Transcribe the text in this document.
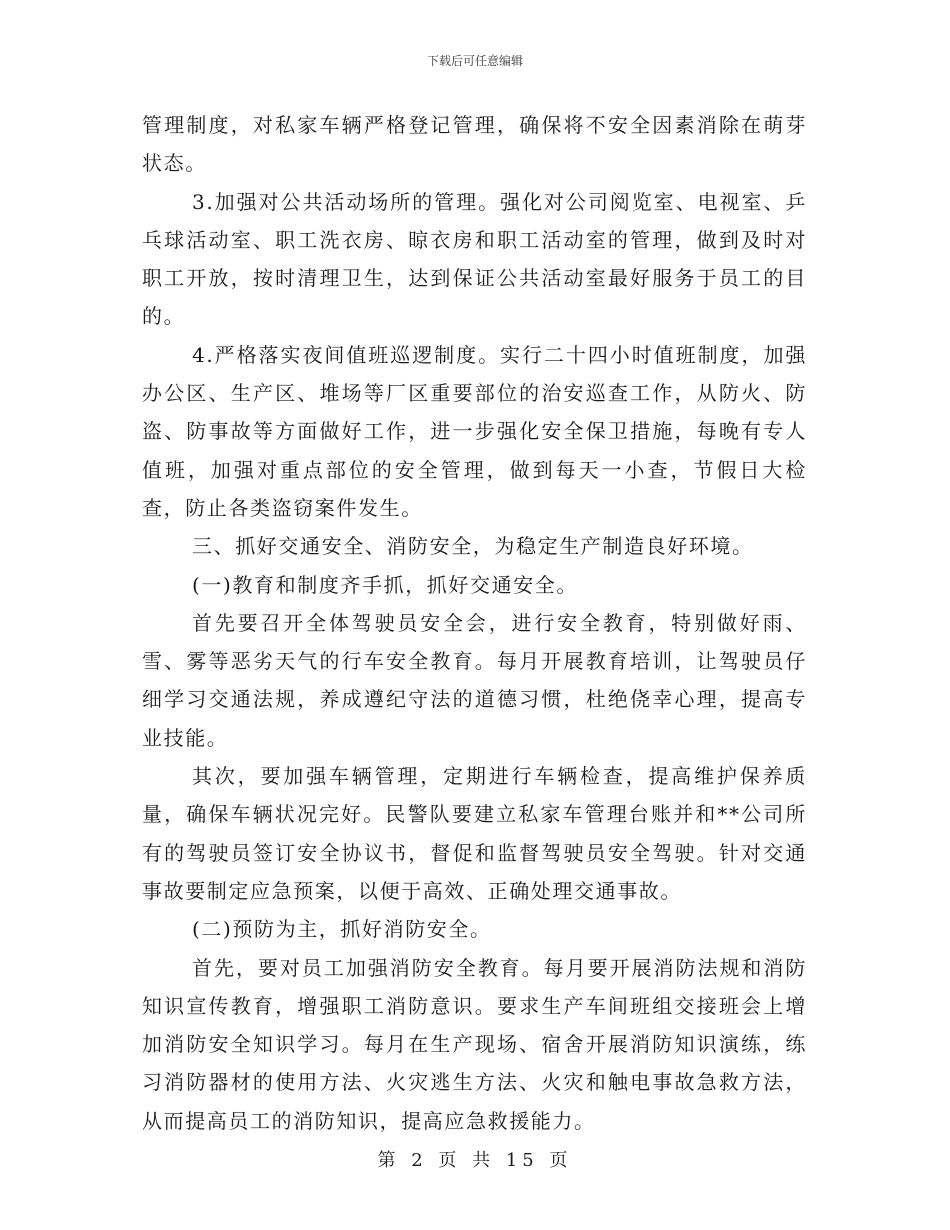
下载后可任意编辑

管理制度，对私家车辆严格登记管理，确保将不安全因素消除在萌芽状态。

3.加强对公共活动场所的管理。强化对公司阅览室、电视室、乒乓球活动室、职工洗衣房、晾衣房和职工活动室的管理，做到及时对职工开放，按时清理卫生，达到保证公共活动室最好服务于员工的目的。

4.严格落实夜间值班巡逻制度。实行二十四小时值班制度，加强办公区、生产区、堆场等厂区重要部位的治安巡查工作，从防火、防盗、防事故等方面做好工作，进一步强化安全保卫措施，每晚有专人值班，加强对重点部位的安全管理，做到每天一小查，节假日大检查，防止各类盗窃案件发生。

三、抓好交通安全、消防安全，为稳定生产制造良好环境。

(一)教育和制度齐手抓，抓好交通安全。

首先要召开全体驾驶员安全会，进行安全教育，特别做好雨、雪、雾等恶劣天气的行车安全教育。每月开展教育培训，让驾驶员仔细学习交通法规，养成遵纪守法的道德习惯，杜绝侥幸心理，提高专业技能。

其次，要加强车辆管理，定期进行车辆检查，提高维护保养质量，确保车辆状况完好。民警队要建立私家车管理台账并和**公司所有的驾驶员签订安全协议书，督促和监督驾驶员安全驾驶。针对交通事故要制定应急预案，以便于高效、正确处理交通事故。

(二)预防为主，抓好消防安全。

首先，要对员工加强消防安全教育。每月要开展消防法规和消防知识宣传教育，增强职工消防意识。要求生产车间班组交接班会上增加消防安全知识学习。每月在生产现场、宿舍开展消防知识演练，练习消防器材的使用方法、火灾逃生方法、火灾和触电事故急救方法，从而提高员工的消防知识，提高应急救援能力。

第 2 页 共 15 页
